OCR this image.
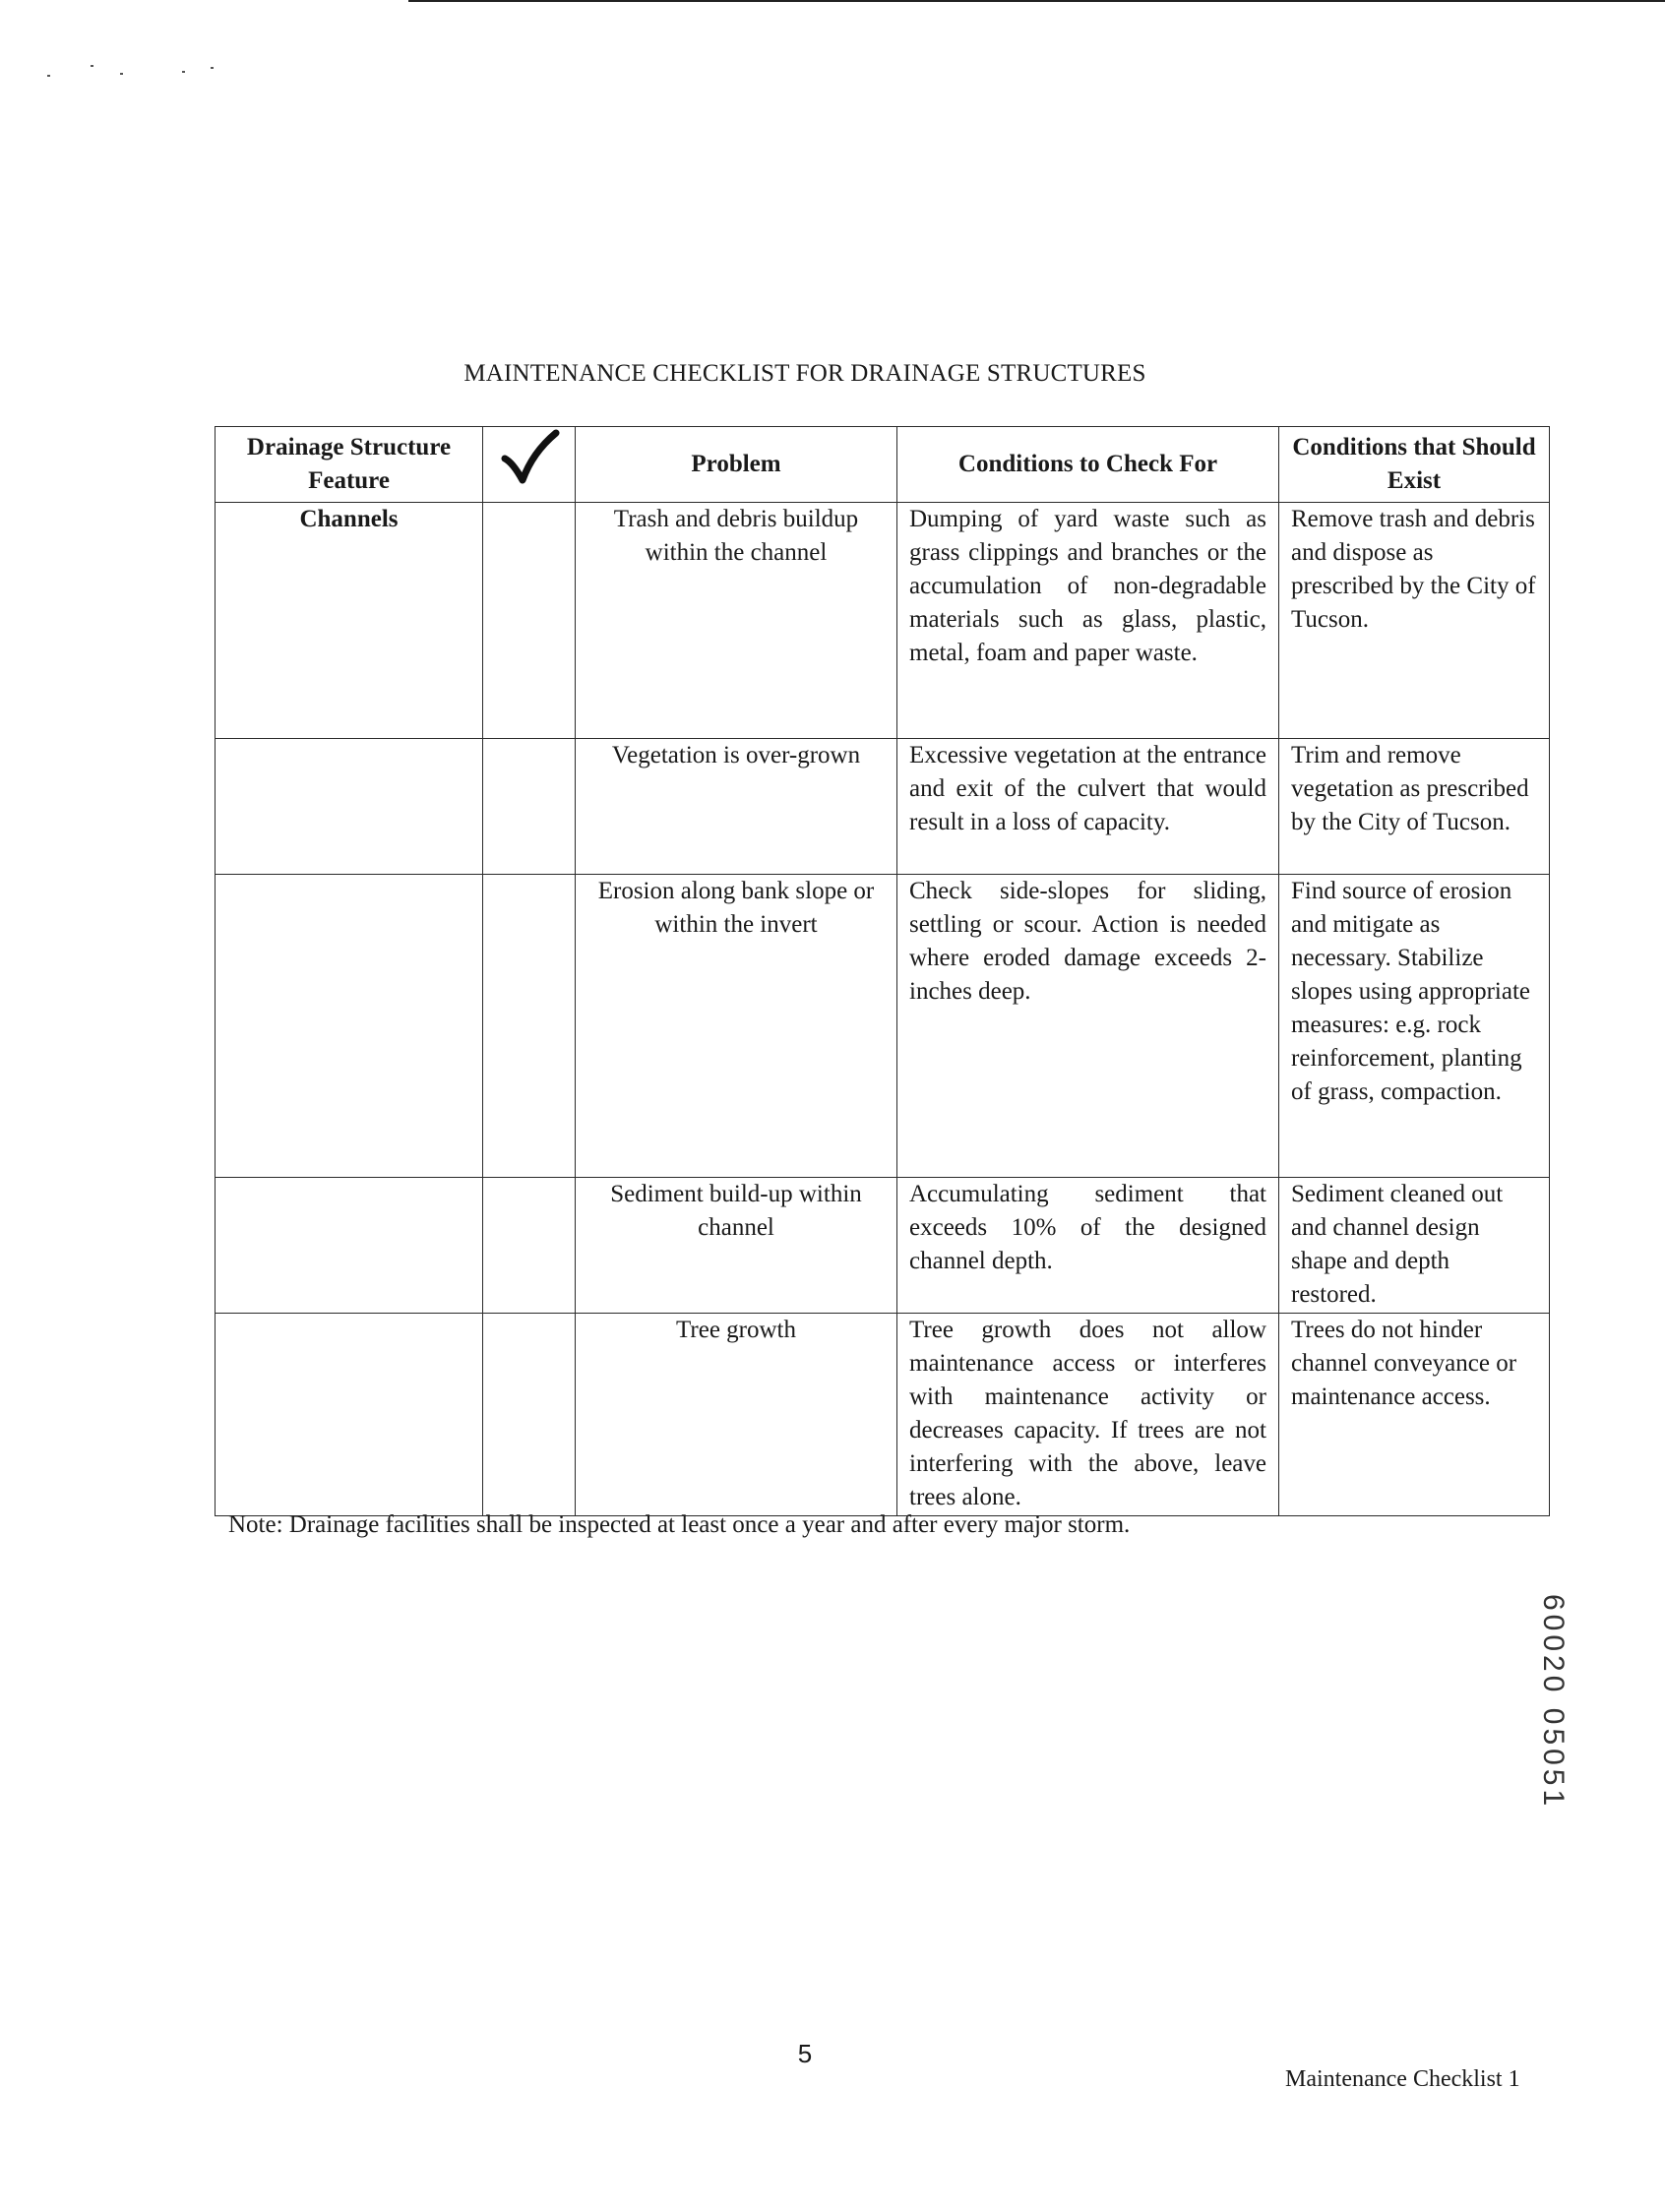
MAINTENANCE CHECKLIST FOR DRAINAGE STRUCTURES
Drainage Structure Feature		Problem	Conditions to Check For	Conditions that Should Exist
Channels		Trash and debris buildup within the channel	Dumping of yard waste such as grass clippings and branches or the accumulation of non-degradable materials such as glass, plastic, metal, foam and paper waste.	Remove trash and debris and dispose as prescribed by the City of Tucson.
		Vegetation is over-grown	Excessive vegetation at the entrance and exit of the culvert that would result in a loss of capacity.	Trim and remove vegetation as prescribed by the City of Tucson.
		Erosion along bank slope or within the invert	Check side-slopes for sliding, settling or scour. Action is needed where eroded damage exceeds 2-inches deep.	Find source of erosion and mitigate as necessary. Stabilize slopes using appropriate measures: e.g. rock reinforcement, planting of grass, compaction.
		Sediment build-up within channel	Accumulating sediment that exceeds 10% of the designed channel depth.	Sediment cleaned out and channel design shape and depth restored.
		Tree growth	Tree growth does not allow maintenance access or interferes with maintenance activity or decreases capacity. If trees are not interfering with the above, leave trees alone.	Trees do not hinder channel conveyance or maintenance access.
Note: Drainage facilities shall be inspected at least once a year and after every major storm.
60020 05051
5
Maintenance Checklist 1
